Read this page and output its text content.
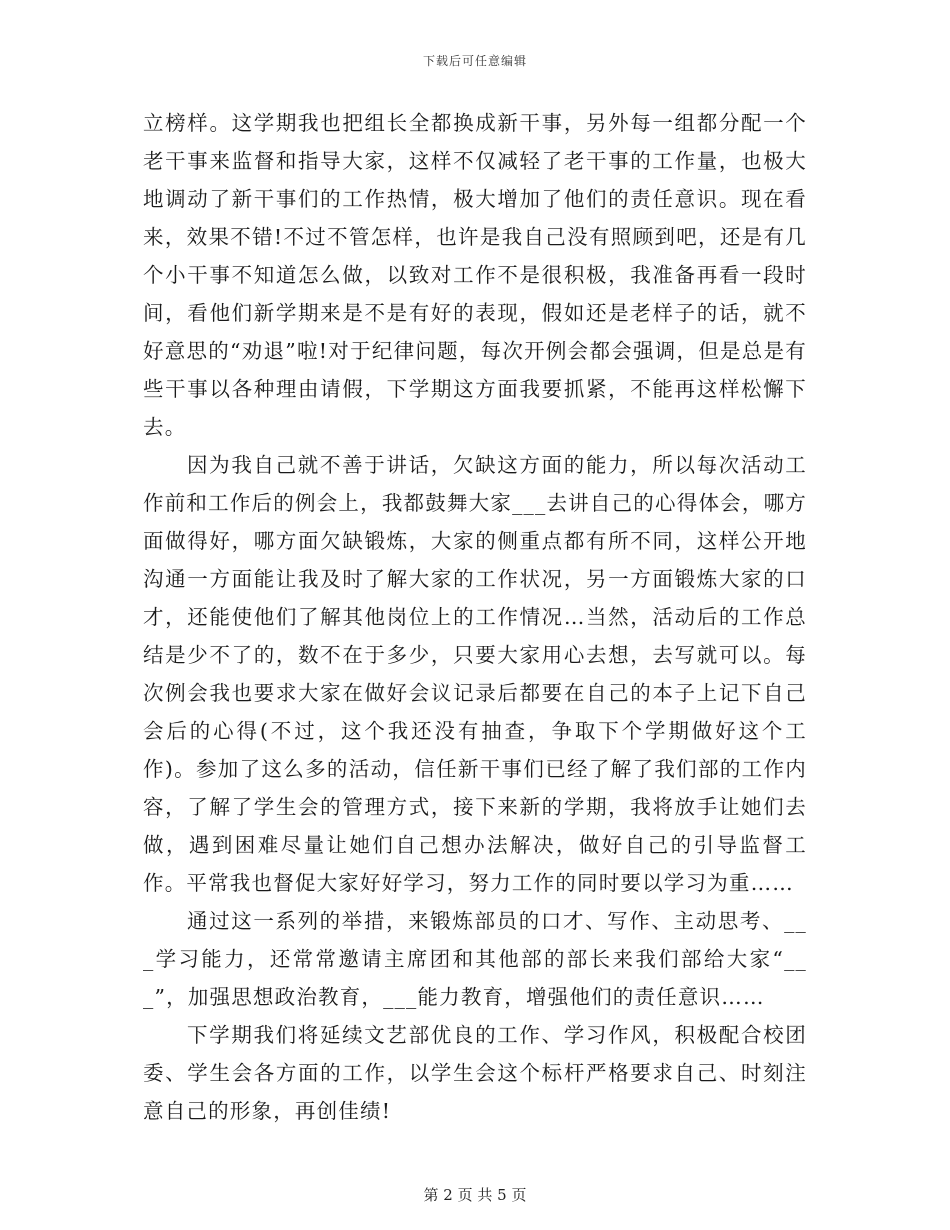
下载后可任意编辑

立榜样。这学期我也把组长全都换成新干事，另外每一组都分配一个老干事来监督和指导大家，这样不仅减轻了老干事的工作量，也极大地调动了新干事们的工作热情，极大增加了他们的责任意识。现在看来，效果不错!不过不管怎样，也许是我自己没有照顾到吧，还是有几个小干事不知道怎么做，以致对工作不是很积极，我准备再看一段时间，看他们新学期来是不是有好的表现，假如还是老样子的话，就不好意思的“劝退”啦!对于纪律问题，每次开例会都会强调，但是总是有些干事以各种理由请假，下学期这方面我要抓紧，不能再这样松懈下去。

因为我自己就不善于讲话，欠缺这方面的能力，所以每次活动工作前和工作后的例会上，我都鼓舞大家___去讲自己的心得体会，哪方面做得好，哪方面欠缺锻炼，大家的侧重点都有所不同，这样公开地沟通一方面能让我及时了解大家的工作状况，另一方面锻炼大家的口才，还能使他们了解其他岗位上的工作情况…当然，活动后的工作总结是少不了的，数不在于多少，只要大家用心去想，去写就可以。每次例会我也要求大家在做好会议记录后都要在自己的本子上记下自己会后的心得(不过，这个我还没有抽查，争取下个学期做好这个工作)。参加了这么多的活动，信任新干事们已经了解了我们部的工作内容，了解了学生会的管理方式，接下来新的学期，我将放手让她们去做，遇到困难尽量让她们自己想办法解决，做好自己的引导监督工作。平常我也督促大家好好学习，努力工作的同时要以学习为重……

通过这一系列的举措，来锻炼部员的口才、写作、主动思考、___学习能力，还常常邀请主席团和其他部的部长来我们部给大家“___”，加强思想政治教育，___能力教育，增强他们的责任意识……

下学期我们将延续文艺部优良的工作、学习作风，积极配合校团委、学生会各方面的工作，以学生会这个标杆严格要求自己、时刻注意自己的形象，再创佳绩!

第 2 页 共 5 页
